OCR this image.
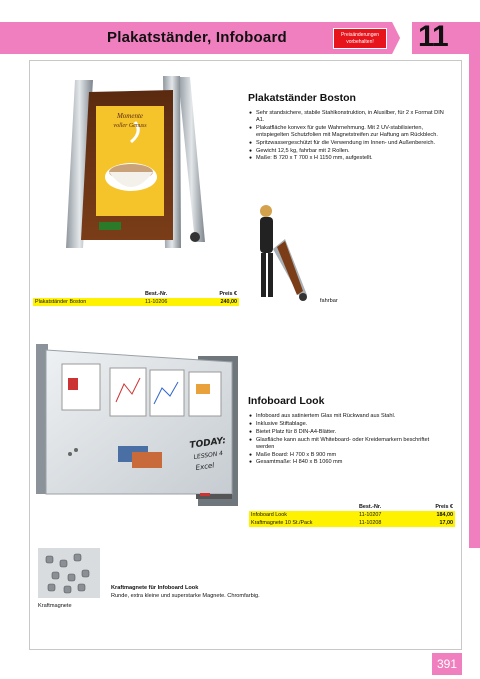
Plakatständer, Infoboard	Preisänderungen
vorbehalten!	11
Momente
voller Genuss
Plakatständer Boston
● Sehr standsichere, stabile Stahlkonstruktion, in Alusilber, für 2 x Format DIN A1.
● Plakatfläche konvex für gute Wahrnehmung. Mit 2 UV-stabilisierten, entspiegelten Schutzfolien mit Magnetstreifen zur Haftung am Rückblech.
● Spritzwassergeschützt für die Verwendung im Innen- und Außenbereich.
● Gewicht 12,5 kg, fahrbar mit 2 Rollen.
● Maße: B 720 x T 700 x H 1150 mm, aufgestellt.
fahrbar
	Best.-Nr.	Preis €
Plakatständer Boston	11-10206	240,00
TODAY:
LESSON 4
Excel
Infoboard Look
● Infoboard aus satiniertem Glas mit Rückwand aus Stahl.
● Inklusive Stiftablage.
● Bietet Platz für 8 DIN-A4-Blätter.
● Glasfläche kann auch mit Whiteboard- oder Kreidemarkern beschriftet werden
● Maße Board: H 700 x B 900 mm
● Gesamtmaße: H 840 x B 1060 mm
	Best.-Nr.	Preis €
Infoboard Look	11-10207	184,00
Kraftmagnete 10 St./Pack	11-10208	17,00
Kraftmagnete
Kraftmagnete für Infoboard Look
Runde, extra kleine und superstarke Magnete. Chromfarbig.
391
